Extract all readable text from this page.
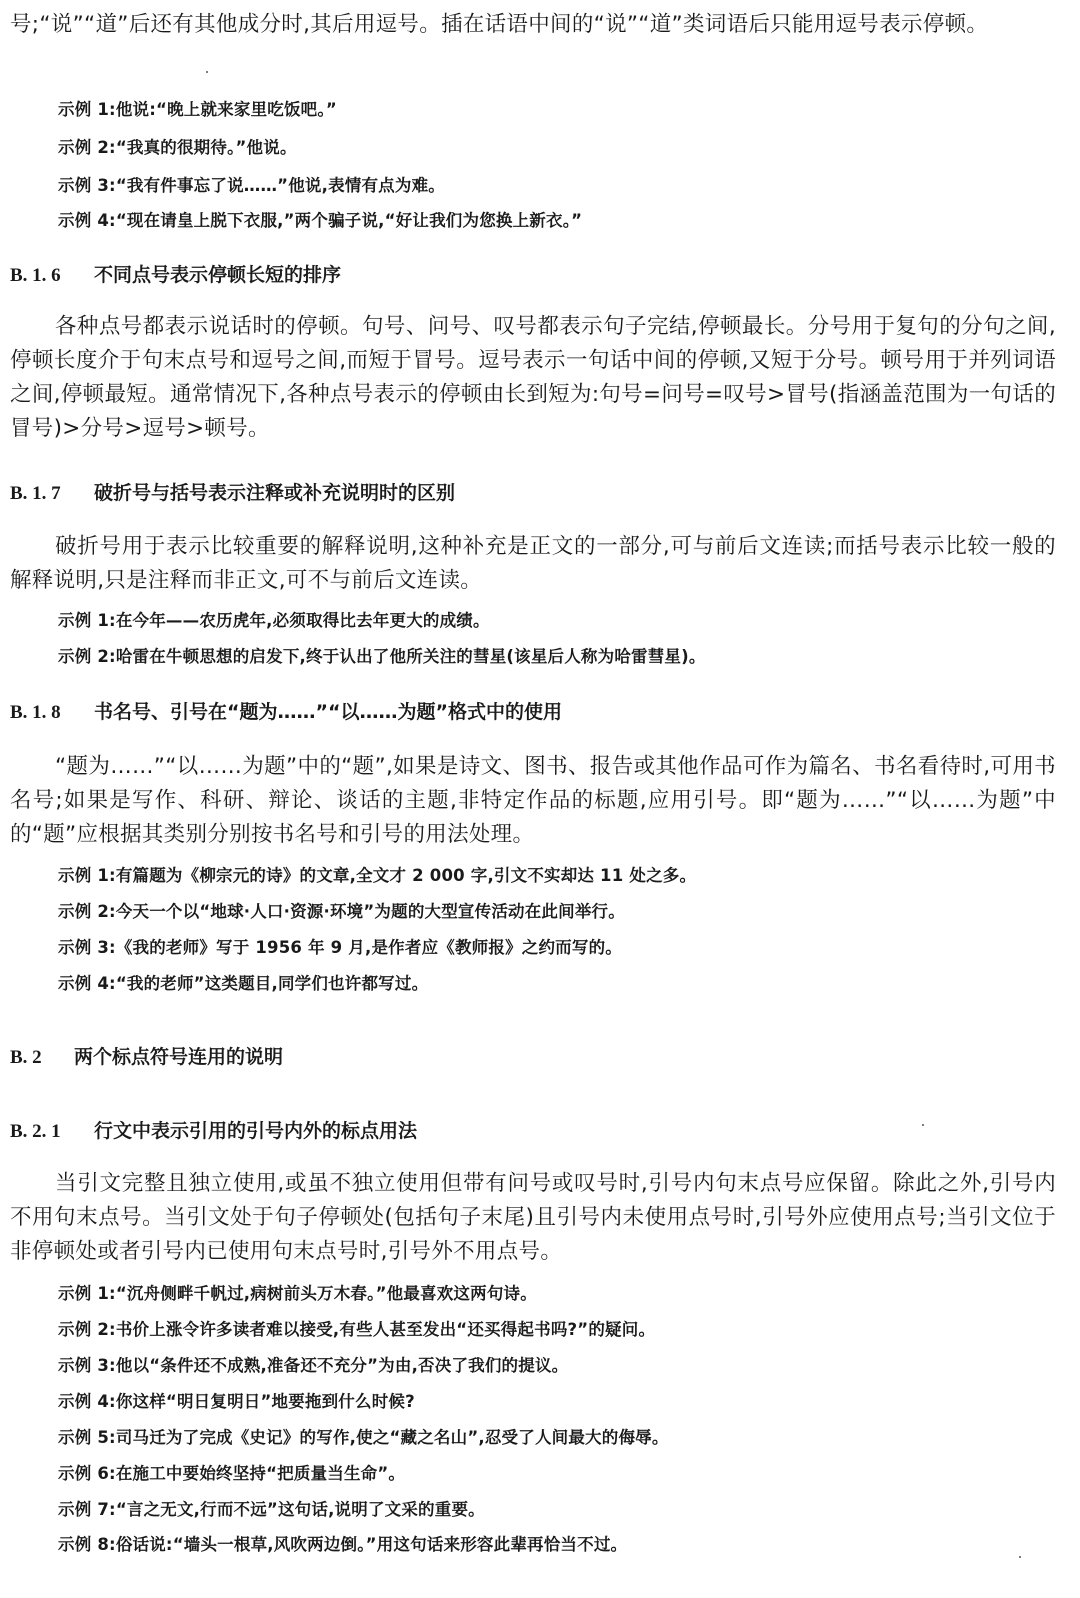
号;“说”“道”后还有其他成分时,其后用逗号。插在话语中间的“说”“道”类词语后只能用逗号表示停顿。

示例 1:他说:“晚上就来家里吃饭吧。”
示例 2:“我真的很期待。”他说。
示例 3:“我有件事忘了说……”他说,表情有点为难。
示例 4:“现在请皇上脱下衣服,”两个骗子说,“好让我们为您换上新衣。”
B. 1. 6 不同点号表示停顿长短的排序

各种点号都表示说话时的停顿。句号、问号、叹号都表示句子完结,停顿最长。分号用于复句的分句之间,停顿长度介于句末点号和逗号之间,而短于冒号。逗号表示一句话中间的停顿,又短于分号。顿号用于并列词语之间,停顿最短。通常情况下,各种点号表示的停顿由长到短为:句号=问号=叹号>冒号(指涵盖范围为一句话的冒号)>分号>逗号>顿号。

B. 1. 7 破折号与括号表示注释或补充说明时的区别

破折号用于表示比较重要的解释说明,这种补充是正文的一部分,可与前后文连读;而括号表示比较一般的解释说明,只是注释而非正文,可不与前后文连读。

示例 1:在今年——农历虎年,必须取得比去年更大的成绩。
示例 2:哈雷在牛顿思想的启发下,终于认出了他所关注的彗星(该星后人称为哈雷彗星)。
B. 1. 8 书名号、引号在“题为……”“以……为题”格式中的使用

“题为……”“以……为题”中的“题”,如果是诗文、图书、报告或其他作品可作为篇名、书名看待时,可用书名号;如果是写作、科研、辩论、谈话的主题,非特定作品的标题,应用引号。即“题为……”“以……为题”中的“题”应根据其类别分别按书名号和引号的用法处理。

示例 1:有篇题为《柳宗元的诗》的文章,全文才 2 000 字,引文不实却达 11 处之多。
示例 2:今天一个以“地球·人口·资源·环境”为题的大型宣传活动在此间举行。
示例 3:《我的老师》写于 1956 年 9 月,是作者应《教师报》之约而写的。
示例 4:“我的老师”这类题目,同学们也许都写过。
B. 2 两个标点符号连用的说明
B. 2. 1 行文中表示引用的引号内外的标点用法

当引文完整且独立使用,或虽不独立使用但带有问号或叹号时,引号内句末点号应保留。除此之外,引号内不用句末点号。当引文处于句子停顿处(包括句子末尾)且引号内未使用点号时,引号外应使用点号;当引文位于非停顿处或者引号内已使用句末点号时,引号外不用点号。

示例 1:“沉舟侧畔千帆过,病树前头万木春。”他最喜欢这两句诗。
示例 2:书价上涨令许多读者难以接受,有些人甚至发出“还买得起书吗?”的疑问。
示例 3:他以“条件还不成熟,准备还不充分”为由,否决了我们的提议。
示例 4:你这样“明日复明日”地要拖到什么时候?
示例 5:司马迁为了完成《史记》的写作,使之“藏之名山”,忍受了人间最大的侮辱。
示例 6:在施工中要始终坚持“把质量当生命”。
示例 7:“言之无文,行而不远”这句话,说明了文采的重要。
示例 8:俗话说:“墙头一根草,风吹两边倒。”用这句话来形容此辈再恰当不过。
